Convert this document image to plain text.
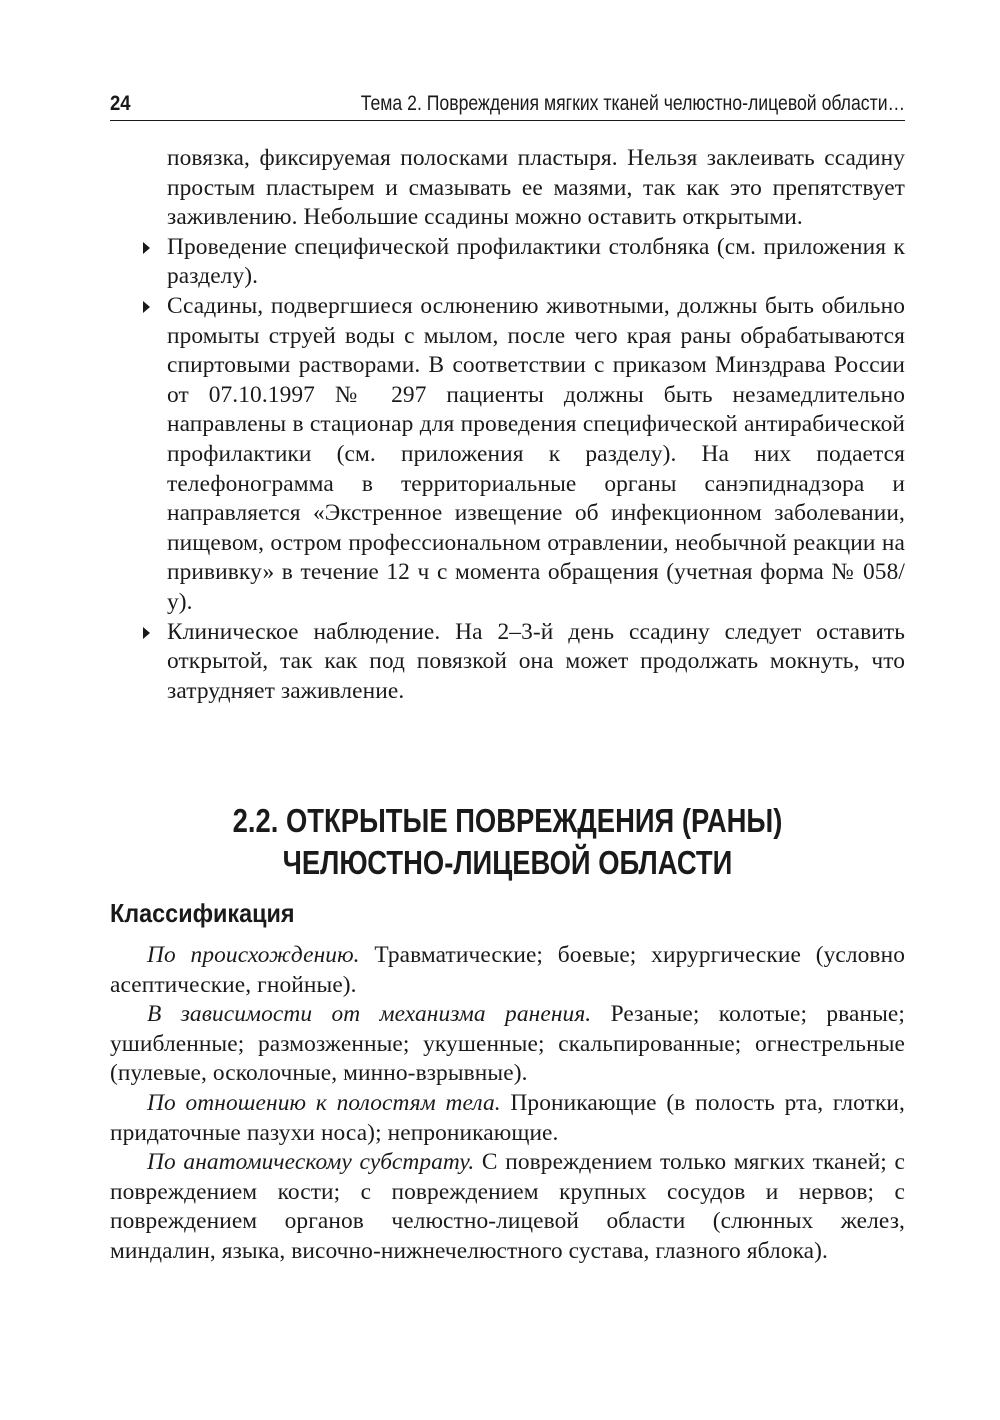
24	Тема 2. Повреждения мягких тканей челюстно-лицевой области…

повязка, фиксируемая полосками пластыря. Нельзя заклеивать ссадину простым пластырем и смазывать ее мазями, так как это препятствует заживлению. Небольшие ссадины можно оставить открытыми.

Проведение специфической профилактики столбняка (см. приложения к разделу).
Ссадины, подвергшиеся ослюнению животными, должны быть обильно промыты струей воды с мылом, после чего края раны обрабатываются спиртовыми растворами. В соответствии с приказом Минздрава России от 07.10.1997 № 297 пациенты должны быть незамедлительно направлены в стационар для проведения специфической антирабической профилактики (см. приложения к разделу). На них подается телефонограмма в территориальные органы санэпиднадзора и направляется «Экстренное извещение об инфекционном заболевании, пищевом, остром профессиональном отравлении, необычной реакции на прививку» в течение 12 ч с момента обращения (учетная форма № 058/у).
Клиническое наблюдение. На 2–3-й день ссадину следует оставить открытой, так как под повязкой она может продолжать мокнуть, что затрудняет заживление.
2.2. ОТКРЫТЫЕ ПОВРЕЖДЕНИЯ (РАНЫ)
ЧЕЛЮСТНО-ЛИЦЕВОЙ ОБЛАСТИ
Классификация

По происхождению. Травматические; боевые; хирургические (условно асептические, гнойные).

В зависимости от механизма ранения. Резаные; колотые; рваные; ушибленные; размозженные; укушенные; скальпированные; огнестрельные (пулевые, осколочные, минно-взрывные).

По отношению к полостям тела. Проникающие (в полость рта, глотки, придаточные пазухи носа); непроникающие.

По анатомическому субстрату. С повреждением только мягких тканей; с повреждением кости; с повреждением крупных сосудов и нервов; с повреждением органов челюстно-лицевой области (слюнных желез, миндалин, языка, височно-нижнечелюстного сустава, глазного яблока).
